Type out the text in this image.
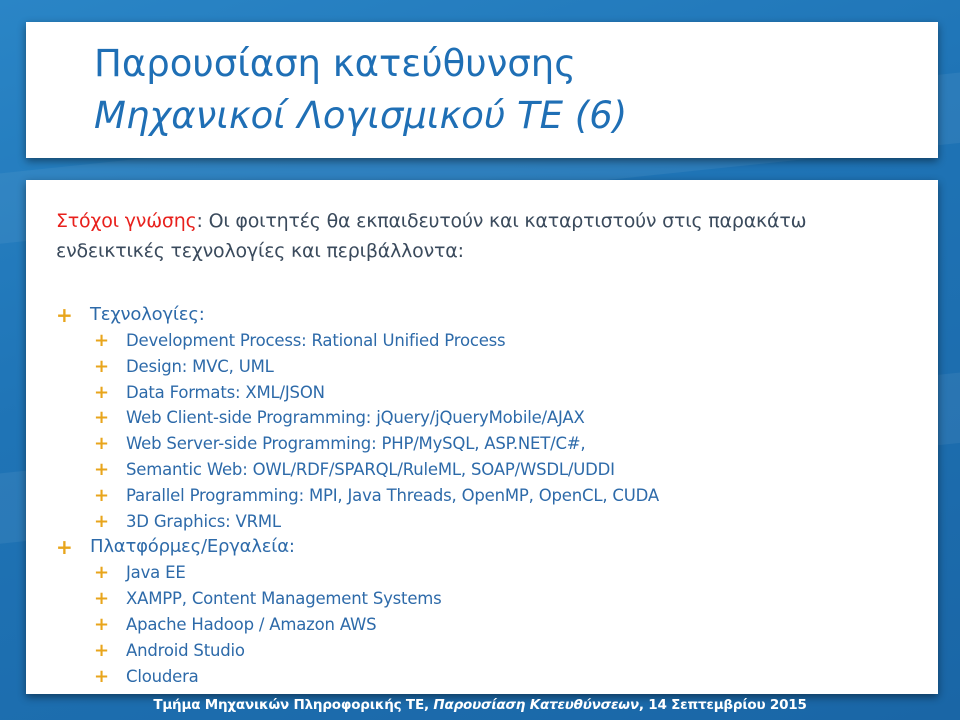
Παρουσίαση κατεύθυνσης
Μηχανικοί Λογισμικού ΤΕ (6)
Στόχοι γνώσης: Οι φοιτητές θα εκπαιδευτούν και καταρτιστούν στις παρακάτω ενδεικτικές τεχνολογίες και περιβάλλοντα:
+ Τεχνολογίες:
+ Development Process: Rational Unified Process
+ Design: MVC, UML
+ Data Formats: XML/JSON
+ Web Client-side Programming: jQuery/jQueryMobile/AJAX
+ Web Server-side Programming: PHP/MySQL, ASP.NET/C#,
+ Semantic Web: OWL/RDF/SPARQL/RuleML, SOAP/WSDL/UDDI
+ Parallel Programming: MPI, Java Threads, OpenMP, OpenCL, CUDA
+ 3D Graphics: VRML
+ Πλατφόρμες/Εργαλεία:
+ Java EE
+ XAMPP, Content Management Systems
+ Apache Hadoop / Amazon AWS
+ Android Studio
+ Cloudera
Τμήμα Μηχανικών Πληροφορικής ΤΕ, Παρουσίαση Κατευθύνσεων, 14 Σεπτεμβρίου 2015
